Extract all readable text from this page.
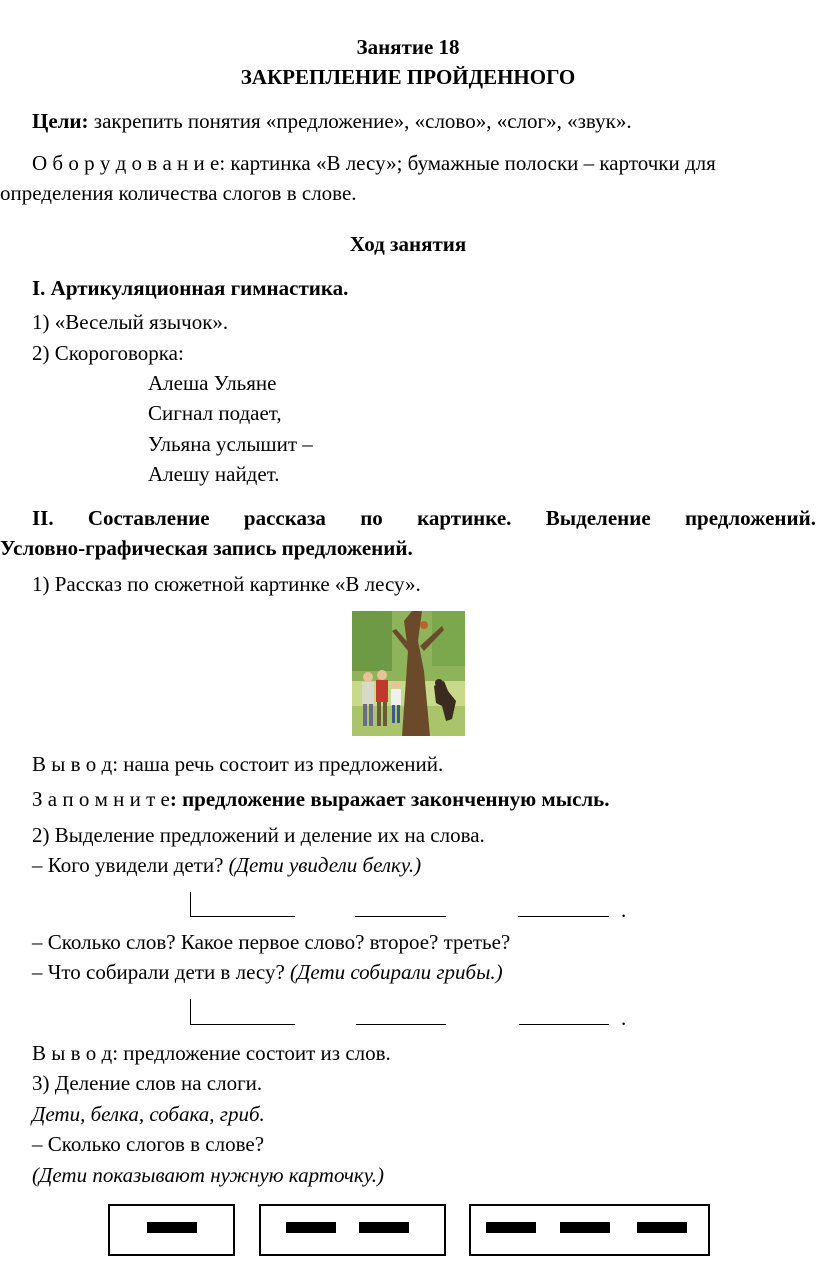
Занятие 18
ЗАКРЕПЛЕНИЕ ПРОЙДЕННОГО
Цели: закрепить понятия «предложение», «слово», «слог», «звук».
О б о р у д о в а н и е: картинка «В лесу»; бумажные полоски – карточки для
определения количества слогов в слове.
Ход занятия
I. Артикуляционная гимнастика.
1) «Веселый язычок».
2) Скороговорка:
Алеша Ульяне
Сигнал подает,
Ульяна услышит –
Алешу найдет.
II. Составление рассказа по картинке. Выделение предложений.
Условно-графическая запись предложений.
1) Рассказ по сюжетной картинке «В лесу».
В ы в о д: наша речь состоит из предложений.
З а п о м н и т е: предложение выражает законченную мысль.
2) Выделение предложений и деление их на слова.
– Кого увидели дети? (Дети увидели белку.)
.
– Сколько слов? Какое первое слово? второе? третье?
– Что собирали дети в лесу? (Дети собирали грибы.)
.
В ы в о д: предложение состоит из слов.
3) Деление слов на слоги.
Дети, белка, собака, гриб.
– Сколько слогов в слове?
(Дети показывают нужную карточку.)
